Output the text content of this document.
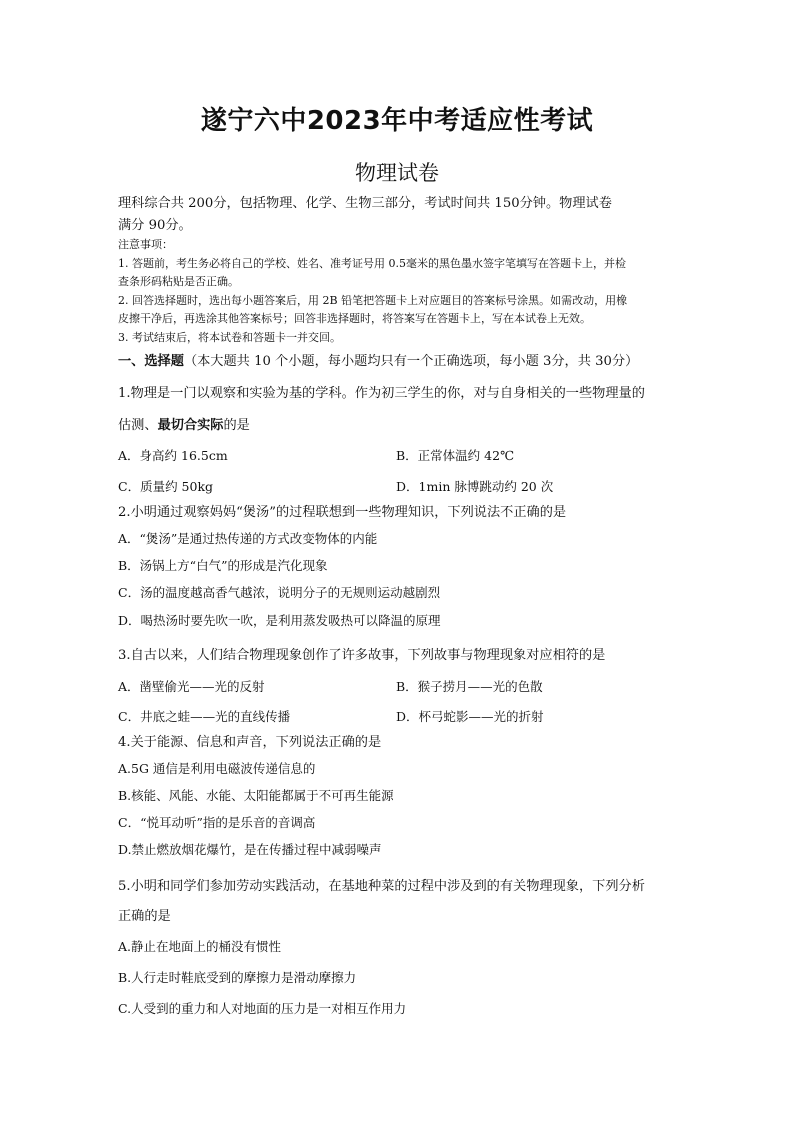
遂宁六中2023年中考适应性考试
物理试卷
理科综合共 200分，包括物理、化学、生物三部分，考试时间共 150分钟。物理试卷
满分 90分。
注意事项：
1. 答题前，考生务必将自己的学校、姓名、准考证号用 0.5毫米的黑色墨水签字笔填写在答题卡上，并检
查条形码粘贴是否正确。
2. 回答选择题时，选出每小题答案后，用 2B 铅笔把答题卡上对应题目的答案标号涂黑。如需改动，用橡
皮擦干净后，再选涂其他答案标号；回答非选择题时，将答案写在答题卡上，写在本试卷上无效。
3. 考试结束后，将本试卷和答题卡一并交回。
一、选择题（本大题共 10 个小题，每小题均只有一个正确选项，每小题 3分，共 30分）
1.物理是一门以观察和实验为基的学科。作为初三学生的你，对与自身相关的一些物理量的
估测、最切合实际的是
A．身高约 16.5cm	B．正常体温约 42℃
C．质量约 50kg	D．1min 脉博跳动约 20 次
2.小明通过观察妈妈“煲汤”的过程联想到一些物理知识，下列说法不正确的是
A．“煲汤”是通过热传递的方式改变物体的内能
B．汤锅上方“白气”的形成是汽化现象
C．汤的温度越高香气越浓，说明分子的无规则运动越剧烈
D．喝热汤时要先吹一吹，是利用蒸发吸热可以降温的原理
3.自古以来，人们结合物理现象创作了许多故事，下列故事与物理现象对应相符的是
A．凿壁偷光——光的反射	B．猴子捞月——光的色散
C．井底之蛙——光的直线传播	D．杯弓蛇影——光的折射
4.关于能源、信息和声音，下列说法正确的是
A.5G 通信是利用电磁波传递信息的
B.核能、风能、水能、太阳能都属于不可再生能源
C．“悦耳动听”指的是乐音的音调高
D.禁止燃放烟花爆竹，是在传播过程中减弱噪声
5.小明和同学们参加劳动实践活动，在基地种菜的过程中涉及到的有关物理现象，下列分析
正确的是
A.静止在地面上的桶没有惯性
B.人行走时鞋底受到的摩擦力是滑动摩擦力
C.人受到的重力和人对地面的压力是一对相互作用力
